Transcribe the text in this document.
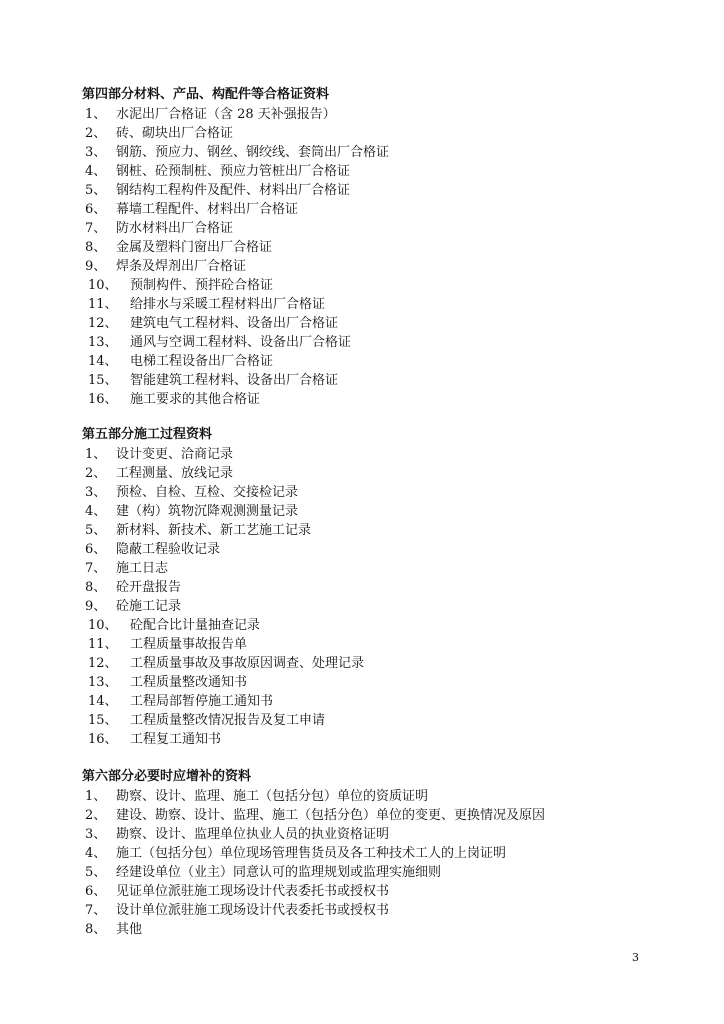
第四部分材料、产品、构配件等合格证资料
1、 水泥出厂合格证（含 28 天补强报告）
2、 砖、砌块出厂合格证
3、 钢筋、预应力、钢丝、钢绞线、套筒出厂合格证
4、 钢桩、砼预制桩、预应力管桩出厂合格证
5、 钢结构工程构件及配件、材料出厂合格证
6、 幕墙工程配件、材料出厂合格证
7、 防水材料出厂合格证
8、 金属及塑料门窗出厂合格证
9、 焊条及焊剂出厂合格证
10、 预制构件、预拌砼合格证
11、 给排水与采暖工程材料出厂合格证
12、 建筑电气工程材料、设备出厂合格证
13、 通风与空调工程材料、设备出厂合格证
14、 电梯工程设备出厂合格证
15、 智能建筑工程材料、设备出厂合格证
16、 施工要求的其他合格证
第五部分施工过程资料
1、 设计变更、洽商记录
2、 工程测量、放线记录
3、 预检、自检、互检、交接检记录
4、 建（构）筑物沉降观测测量记录
5、 新材料、新技术、新工艺施工记录
6、 隐蔽工程验收记录
7、 施工日志
8、 砼开盘报告
9、 砼施工记录
10、 砼配合比计量抽查记录
11、 工程质量事故报告单
12、 工程质量事故及事故原因调查、处理记录
13、 工程质量整改通知书
14、 工程局部暂停施工通知书
15、 工程质量整改情况报告及复工申请
16、 工程复工通知书
第六部分必要时应增补的资料
1、 勘察、设计、监理、施工（包括分包）单位的资质证明
2、 建设、勘察、设计、监理、施工（包括分色）单位的变更、更换情况及原因
3、 勘察、设计、监理单位执业人员的执业资格证明
4、 施工（包括分包）单位现场管理售货员及各工种技术工人的上岗证明
5、 经建设单位（业主）同意认可的监理规划或监理实施细则
6、 见证单位派驻施工现场设计代表委托书或授权书
7、 设计单位派驻施工现场设计代表委托书或授权书
8、 其他
3
